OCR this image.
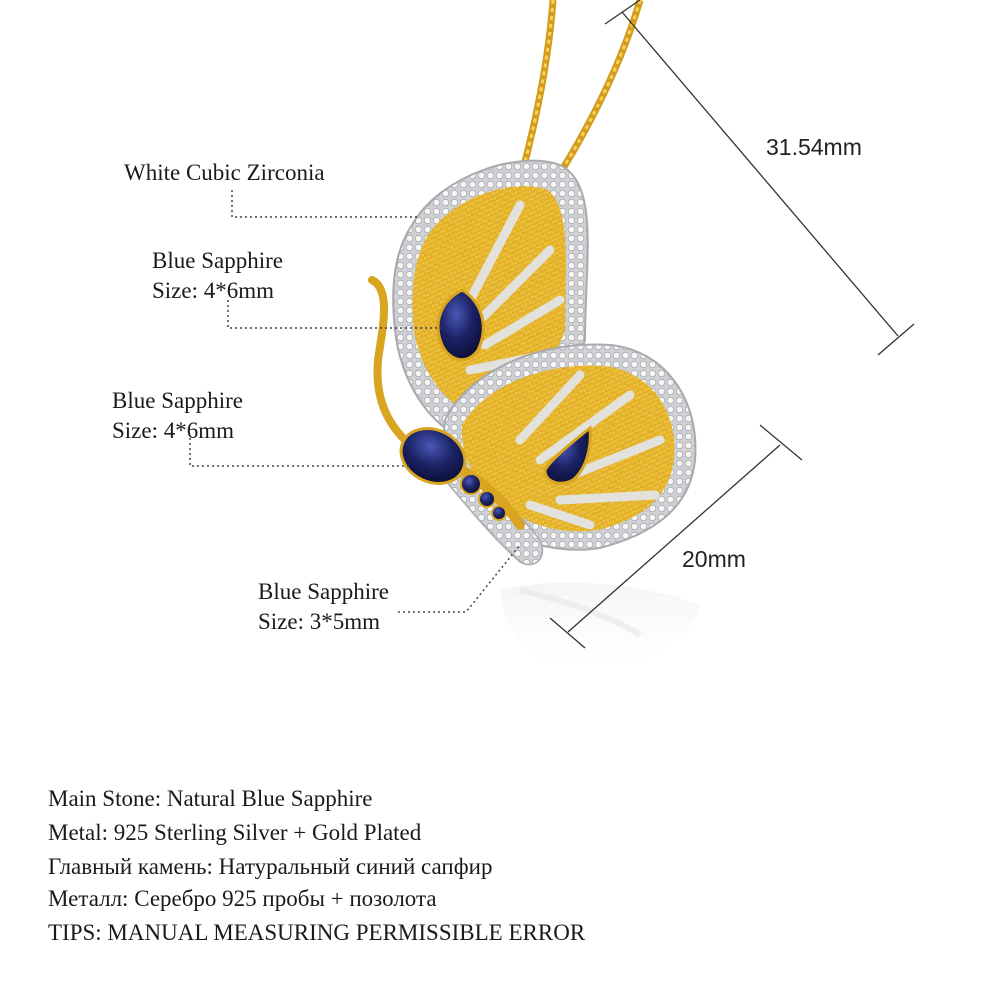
White Cubic Zirconia
Blue Sapphire
Size: 4*6mm
Blue Sapphire
Size: 4*6mm
Blue Sapphire
Size: 3*5mm
31.54mm
20mm
Main Stone: Natural Blue Sapphire
Metal: 925 Sterling Silver + Gold Plated
Главный камень: Натуральный синий сапфир
Металл: Серебро 925 пробы + позолота
TIPS: MANUAL MEASURING PERMISSIBLE ERROR
